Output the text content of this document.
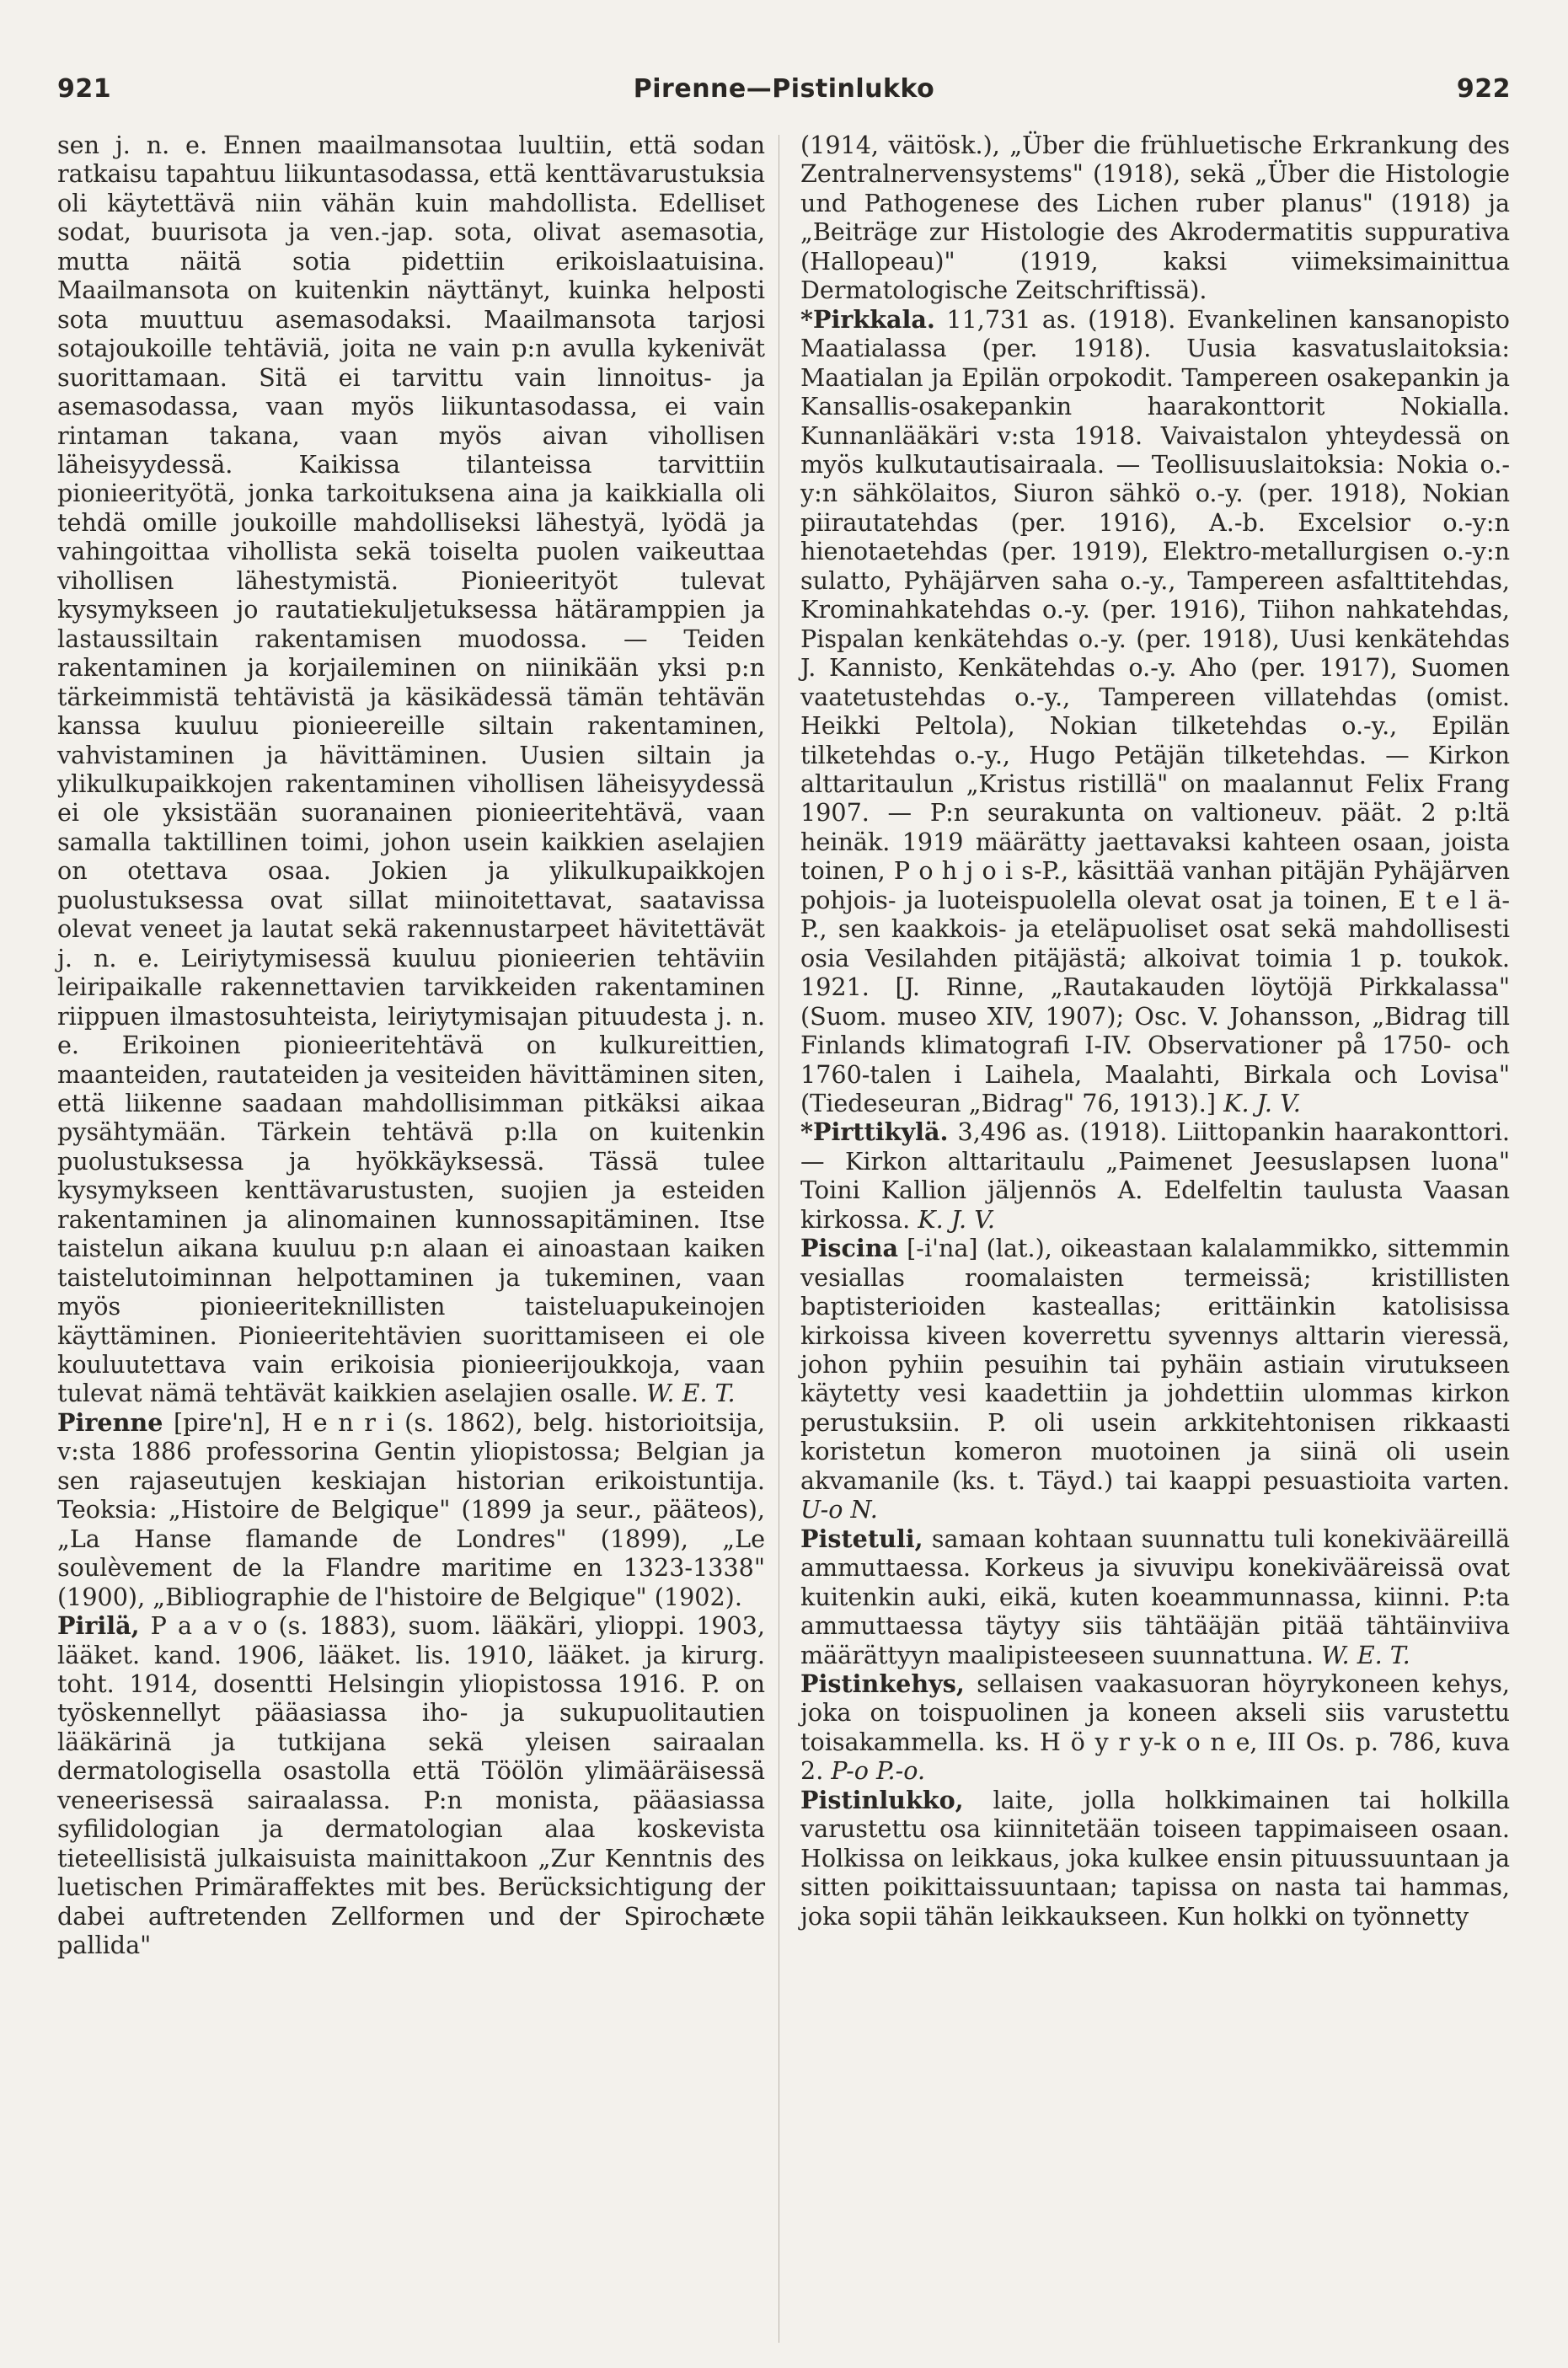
921	Pirenne—Pistinlukko	922

sen j. n. e. Ennen maailmansotaa luultiin, että sodan ratkaisu tapahtuu liikuntasodassa, että kenttävarustuksia oli käytettävä niin vähän kuin mahdollista. Edelliset sodat, buurisota ja ven.-jap. sota, olivat asemasotia, mutta näitä sotia pidettiin erikoislaatuisina. Maailmansota on kuitenkin näyttänyt, kuinka helposti sota muuttuu asemasodaksi. Maailmansota tarjosi sotajoukoille tehtäviä, joita ne vain p:n avulla kykenivät suorittamaan. Sitä ei tarvittu vain linnoitus- ja asemasodassa, vaan myös liikuntasodassa, ei vain rintaman takana, vaan myös aivan vihollisen läheisyydessä. Kaikissa tilanteissa tarvittiin pionieerityötä, jonka tarkoituksena aina ja kaikkialla oli tehdä omille joukoille mahdolliseksi lähestyä, lyödä ja vahingoittaa vihollista sekä toiselta puolen vaikeuttaa vihollisen lähestymistä. Pionieerityöt tulevat kysymykseen jo rautatiekuljetuksessa hätäramppien ja lastaussiltain rakentamisen muodossa. — Teiden rakentaminen ja korjaileminen on niinikään yksi p:n tärkeimmistä tehtävistä ja käsikädessä tämän tehtävän kanssa kuuluu pionieereille siltain rakentaminen, vahvistaminen ja hävittäminen. Uusien siltain ja ylikulkupaikkojen rakentaminen vihollisen läheisyydessä ei ole yksistään suoranainen pionieeritehtävä, vaan samalla taktillinen toimi, johon usein kaikkien aselajien on otettava osaa. Jokien ja ylikulkupaikkojen puolustuksessa ovat sillat miinoitettavat, saatavissa olevat veneet ja lautat sekä rakennustarpeet hävitettävät j. n. e. Leiriytymisessä kuuluu pionieerien tehtäviin leiripaikalle rakennettavien tarvikkeiden rakentaminen riippuen ilmastosuhteista, leiriytymisajan pituudesta j. n. e. Erikoinen pionieeritehtävä on kulkureittien, maanteiden, rautateiden ja vesiteiden hävittäminen siten, että liikenne saadaan mahdollisimman pitkäksi aikaa pysähtymään. Tärkein tehtävä p:lla on kuitenkin puolustuksessa ja hyökkäyksessä. Tässä tulee kysymykseen kenttävarustusten, suojien ja esteiden rakentaminen ja alinomainen kunnossapitäminen. Itse taistelun aikana kuuluu p:n alaan ei ainoastaan kaiken taistelutoiminnan helpottaminen ja tukeminen, vaan myös pionieeriteknillisten taisteluapukeinojen käyttäminen. Pionieeritehtävien suorittamiseen ei ole kouluutettava vain erikoisia pionieerijoukkoja, vaan tulevat nämä tehtävät kaikkien aselajien osalle. W. E. T.

Pirenne [pire'n], H e n r i (s. 1862), belg. historioitsija, v:sta 1886 professorina Gentin yliopistossa; Belgian ja sen rajaseutujen keskiajan historian erikoistuntija. Teoksia: „Histoire de Belgique" (1899 ja seur., pääteos), „La Hanse flamande de Londres" (1899), „Le soulèvement de la Flandre maritime en 1323-1338" (1900), „Bibliographie de l'histoire de Belgique" (1902).

Pirilä, P a a v o (s. 1883), suom. lääkäri, ylioppi. 1903, lääket. kand. 1906, lääket. lis. 1910, lääket. ja kirurg. toht. 1914, dosentti Helsingin yliopistossa 1916. P. on työskennellyt pääasiassa iho- ja sukupuolitautien lääkärinä ja tutkijana sekä yleisen sairaalan dermatologisella osastolla että Töölön ylimääräisessä veneerisessä sairaalassa. P:n monista, pääasiassa syfilidologian ja dermatologian alaa koskevista tieteellisistä julkaisuista mainittakoon „Zur Kenntnis des luetischen Primäraffektes mit bes. Berücksichtigung der dabei auftretenden Zellformen und der Spirochæte pallida"

(1914, väitösk.), „Über die frühluetische Erkrankung des Zentralnervensystems" (1918), sekä „Über die Histologie und Pathogenese des Lichen ruber planus" (1918) ja „Beiträge zur Histologie des Akrodermatitis suppurativa (Hallopeau)" (1919, kaksi viimeksimainittua Dermatologische Zeitschriftissä).

*Pirkkala. 11,731 as. (1918). Evankelinen kansanopisto Maatialassa (per. 1918). Uusia kasvatuslaitoksia: Maatialan ja Epilän orpokodit. Tampereen osakepankin ja Kansallis-osakepankin haarakonttorit Nokialla. Kunnanlääkäri v:sta 1918. Vaivaistalon yhteydessä on myös kulkutautisairaala. — Teollisuuslaitoksia: Nokia o.-y:n sähkölaitos, Siuron sähkö o.-y. (per. 1918), Nokian piirautatehdas (per. 1916), A.-b. Excelsior o.-y:n hienotaetehdas (per. 1919), Elektro-metallurgisen o.-y:n sulatto, Pyhäjärven saha o.-y., Tampereen asfalttitehdas, Krominahkatehdas o.-y. (per. 1916), Tiihon nahkatehdas, Pispalan kenkätehdas o.-y. (per. 1918), Uusi kenkätehdas J. Kannisto, Kenkätehdas o.-y. Aho (per. 1917), Suomen vaatetustehdas o.-y., Tampereen villatehdas (omist. Heikki Peltola), Nokian tilketehdas o.-y., Epilän tilketehdas o.-y., Hugo Petäjän tilketehdas. — Kirkon alttaritaulun „Kristus ristillä" on maalannut Felix Frang 1907. — P:n seurakunta on valtioneuv. päät. 2 p:ltä heinäk. 1919 määrätty jaettavaksi kahteen osaan, joista toinen, P o h j o i s-P., käsittää vanhan pitäjän Pyhäjärven pohjois- ja luoteispuolella olevat osat ja toinen, E t e l ä-P., sen kaakkois- ja eteläpuoliset osat sekä mahdollisesti osia Vesilahden pitäjästä; alkoivat toimia 1 p. toukok. 1921. [J. Rinne, „Rautakauden löytöjä Pirkkalassa" (Suom. museo XIV, 1907); Osc. V. Johansson, „Bidrag till Finlands klimatografi I-IV. Observationer på 1750- och 1760-talen i Laihela, Maalahti, Birkala och Lovisa" (Tiedeseuran „Bidrag" 76, 1913).] K. J. V.

*Pirttikylä. 3,496 as. (1918). Liittopankin haarakonttori. — Kirkon alttaritaulu „Paimenet Jeesuslapsen luona" Toini Kallion jäljennös A. Edelfeltin taulusta Vaasan kirkossa. K. J. V.

Piscina [-i'na] (lat.), oikeastaan kalalammikko, sittemmin vesiallas roomalaisten termeissä; kristillisten baptisterioiden kasteallas; erittäinkin katolisissa kirkoissa kiveen koverrettu syvennys alttarin vieressä, johon pyhiin pesuihin tai pyhäin astiain virutukseen käytetty vesi kaadettiin ja johdettiin ulommas kirkon perustuksiin. P. oli usein arkkitehtonisen rikkaasti koristetun komeron muotoinen ja siinä oli usein akvamanile (ks. t. Täyd.) tai kaappi pesuastioita varten. U-o N.

Pistetuli, samaan kohtaan suunnattu tuli konekivääreillä ammuttaessa. Korkeus ja sivuvipu konekivääreissä ovat kuitenkin auki, eikä, kuten koeammunnassa, kiinni. P:ta ammuttaessa täytyy siis tähtääjän pitää tähtäinviiva määrättyyn maalipisteeseen suunnattuna. W. E. T.

Pistinkehys, sellaisen vaakasuoran höyrykoneen kehys, joka on toispuolinen ja koneen akseli siis varustettu toisakammella. ks. H ö y r y-k o n e, III Os. p. 786, kuva 2. P-o P.-o.

Pistinlukko, laite, jolla holkkimainen tai holkilla varustettu osa kiinnitetään toiseen tappimaiseen osaan. Holkissa on leikkaus, joka kulkee ensin pituussuuntaan ja sitten poikittaissuuntaan; tapissa on nasta tai hammas, joka sopii tähän leikkaukseen. Kun holkki on työnnetty
